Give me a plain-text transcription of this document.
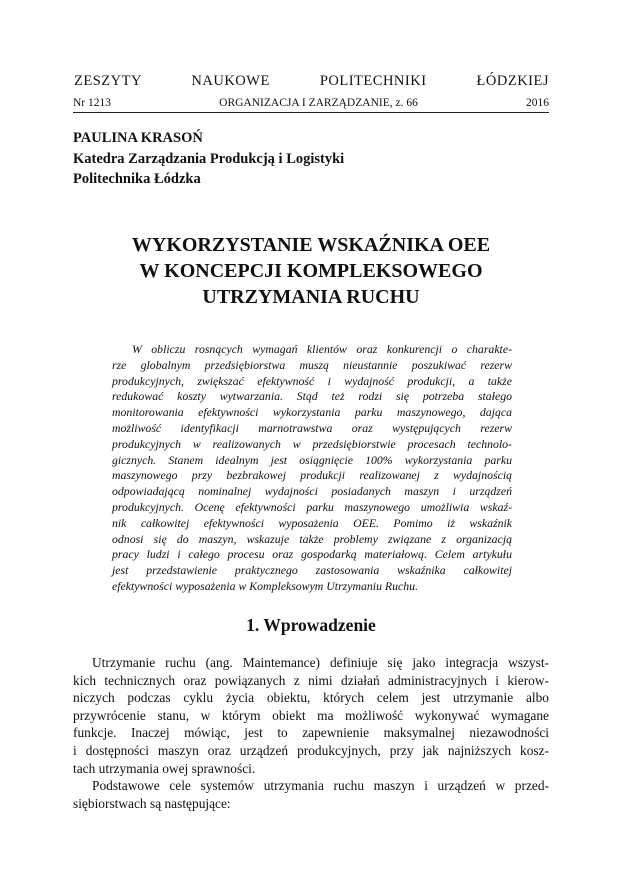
ZESZYTY NAUKOWE POLITECHNIKI ŁÓDZKIEJ
Nr 1213	ORGANIZACJA I ZARZĄDZANIE, z. 66	2016
PAULINA KRASOŃ
Katedra Zarządzania Produkcją i Logistyki
Politechnika Łódzka
WYKORZYSTANIE WSKAŹNIKA OEE
W KONCEPCJI KOMPLEKSOWEGO
UTRZYMANIA RUCHU
W obliczu rosnących wymagań klientów oraz konkurencji o charakte-
rze globalnym przedsiębiorstwa muszą nieustannie poszukiwać rezerw
produkcyjnych, zwiększać efektywność i wydajność produkcji, a także
redukować koszty wytwarzania. Stąd też rodzi się potrzeba stałego
monitorowania efektywności wykorzystania parku maszynowego, dająca
możliwość identyfikacji marnotrawstwa oraz występujących rezerw
produkcyjnych w realizowanych w przedsiębiorstwie procesach technolo-
gicznych. Stanem idealnym jest osiągnięcie 100% wykorzystania parku
maszynowego przy bezbrakowej produkcji realizowanej z wydajnością
odpowiadającą nominalnej wydajności posiadanych maszyn i urządzeń
produkcyjnych. Ocenę efektywności parku maszynowego umożliwia wskaź-
nik całkowitej efektywności wyposażenia OEE. Pomimo iż wskaźnik
odnosi się do maszyn, wskazuje także problemy związane z organizacją
pracy ludzi i całego procesu oraz gospodarką materiałową. Celem artykułu
jest przedstawienie praktycznego zastosowania wskaźnika całkowitej
efektywności wyposażenia w Kompleksowym Utrzymaniu Ruchu.
1. Wprowadzenie
Utrzymanie ruchu (ang. Maintemance) definiuje się jako integracja wszyst-
kich technicznych oraz powiązanych z nimi działań administracyjnych i kierow-
niczych podczas cyklu życia obiektu, których celem jest utrzymanie albo
przywrócenie stanu, w którym obiekt ma możliwość wykonywać wymagane
funkcje. Inaczej mówiąc, jest to zapewnienie maksymalnej niezawodności
i dostępności maszyn oraz urządzeń produkcyjnych, przy jak najniższych kosz-
tach utrzymania owej sprawności.
Podstawowe cele systemów utrzymania ruchu maszyn i urządzeń w przed-
siębiorstwach są następujące:
